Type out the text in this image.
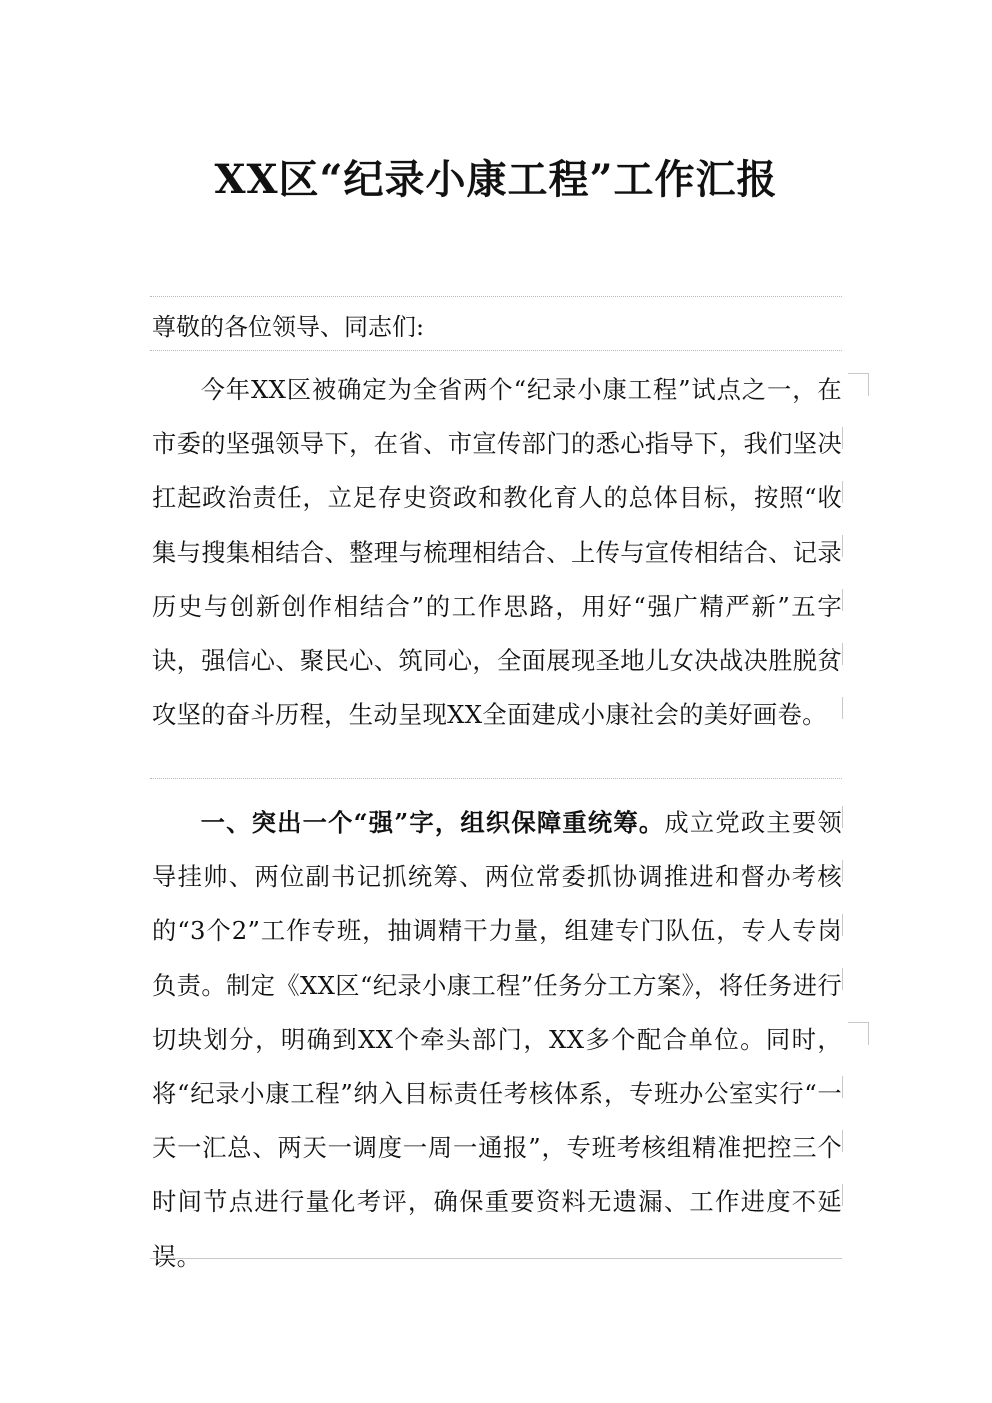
XX区“纪录小康工程”工作汇报

尊敬的各位领导、同志们:

今年XX区被确定为全省两个“纪录小康工程”试点之一，在市委的坚强领导下，在省、市宣传部门的悉心指导下，我们坚决扛起政治责任，立足存史资政和教化育人的总体目标，按照“收集与搜集相结合、整理与梳理相结合、上传与宣传相结合、记录历史与创新创作相结合”的工作思路，用好“强广精严新”五字诀，强信心、聚民心、筑同心，全面展现圣地儿女决战决胜脱贫攻坚的奋斗历程，生动呈现XX全面建成小康社会的美好画卷。

一、突出一个“强”字，组织保障重统筹。成立党政主要领导挂帅、两位副书记抓统筹、两位常委抓协调推进和督办考核的“3个2”工作专班，抽调精干力量，组建专门队伍，专人专岗负责。制定《XX区“纪录小康工程”任务分工方案》，将任务进行切块划分，明确到XX个牵头部门，XX多个配合单位。同时，将“纪录小康工程”纳入目标责任考核体系，专班办公室实行“一天一汇总、两天一调度一周一通报”，专班考核组精准把控三个时间节点进行量化考评，确保重要资料无遗漏、工作进度不延误。
